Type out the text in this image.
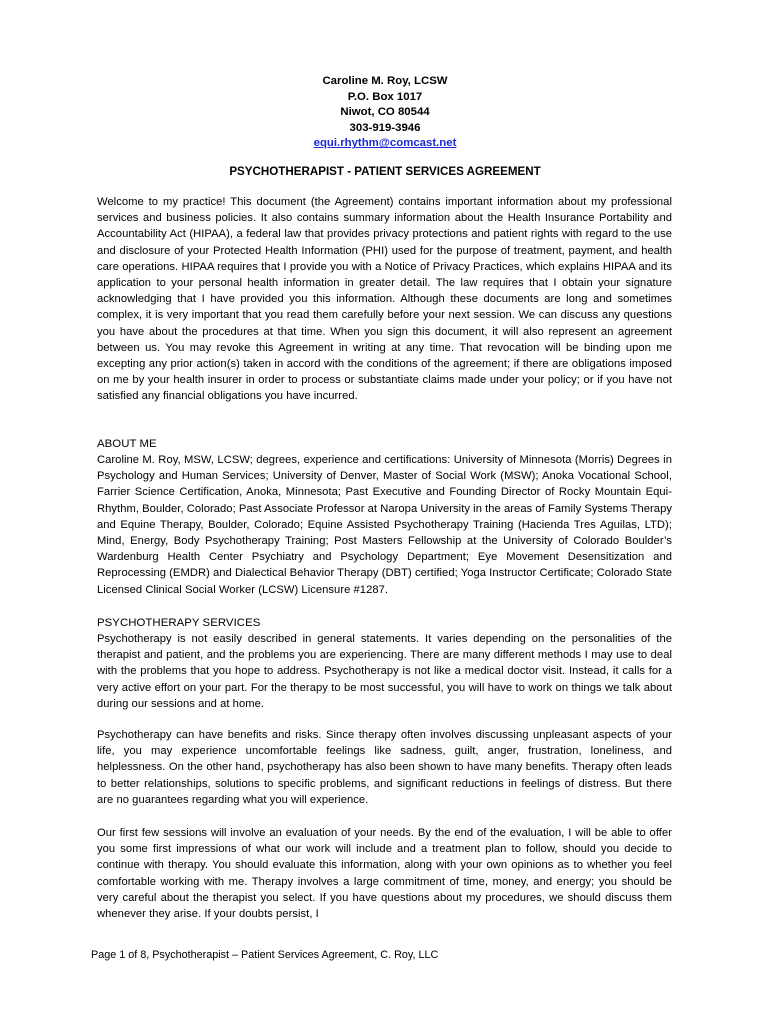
Caroline M. Roy, LCSW
P.O. Box 1017
Niwot, CO 80544
303-919-3946
equi.rhythm@comcast.net
PSYCHOTHERAPIST - PATIENT SERVICES AGREEMENT
Welcome to my practice! This document (the Agreement) contains important information about my professional services and business policies. It also contains summary information about the Health Insurance Portability and Accountability Act (HIPAA), a federal law that provides privacy protections and patient rights with regard to the use and disclosure of your Protected Health Information (PHI) used for the purpose of treatment, payment, and health care operations. HIPAA requires that I provide you with a Notice of Privacy Practices, which explains HIPAA and its application to your personal health information in greater detail. The law requires that I obtain your signature acknowledging that I have provided you this information. Although these documents are long and sometimes complex, it is very important that you read them carefully before your next session. We can discuss any questions you have about the procedures at that time. When you sign this document, it will also represent an agreement between us. You may revoke this Agreement in writing at any time. That revocation will be binding upon me excepting any prior action(s) taken in accord with the conditions of the agreement; if there are obligations imposed on me by your health insurer in order to process or substantiate claims made under your policy; or if you have not satisfied any financial obligations you have incurred.
ABOUT ME
Caroline M. Roy, MSW, LCSW; degrees, experience and certifications: University of Minnesota (Morris) Degrees in Psychology and Human Services; University of Denver, Master of Social Work (MSW); Anoka Vocational School, Farrier Science Certification, Anoka, Minnesota; Past Executive and Founding Director of Rocky Mountain Equi-Rhythm, Boulder, Colorado; Past Associate Professor at Naropa University in the areas of Family Systems Therapy and Equine Therapy, Boulder, Colorado; Equine Assisted Psychotherapy Training (Hacienda Tres Aguilas, LTD); Mind, Energy, Body Psychotherapy Training; Post Masters Fellowship at the University of Colorado Boulder’s Wardenburg Health Center Psychiatry and Psychology Department; Eye Movement Desensitization and Reprocessing (EMDR) and Dialectical Behavior Therapy (DBT) certified; Yoga Instructor Certificate; Colorado State Licensed Clinical Social Worker (LCSW) Licensure #1287.
PSYCHOTHERAPY SERVICES
Psychotherapy is not easily described in general statements. It varies depending on the personalities of the therapist and patient, and the problems you are experiencing. There are many different methods I may use to deal with the problems that you hope to address. Psychotherapy is not like a medical doctor visit. Instead, it calls for a very active effort on your part. For the therapy to be most successful, you will have to work on things we talk about during our sessions and at home.
Psychotherapy can have benefits and risks. Since therapy often involves discussing unpleasant aspects of your life, you may experience uncomfortable feelings like sadness, guilt, anger, frustration, loneliness, and helplessness. On the other hand, psychotherapy has also been shown to have many benefits. Therapy often leads to better relationships, solutions to specific problems, and significant reductions in feelings of distress. But there are no guarantees regarding what you will experience.
Our first few sessions will involve an evaluation of your needs. By the end of the evaluation, I will be able to offer you some first impressions of what our work will include and a treatment plan to follow, should you decide to continue with therapy. You should evaluate this information, along with your own opinions as to whether you feel comfortable working with me. Therapy involves a large commitment of time, money, and energy; you should be very careful about the therapist you select. If you have questions about my procedures, we should discuss them whenever they arise. If your doubts persist, I
Page 1 of 8, Psychotherapist – Patient Services Agreement, C. Roy, LLC
